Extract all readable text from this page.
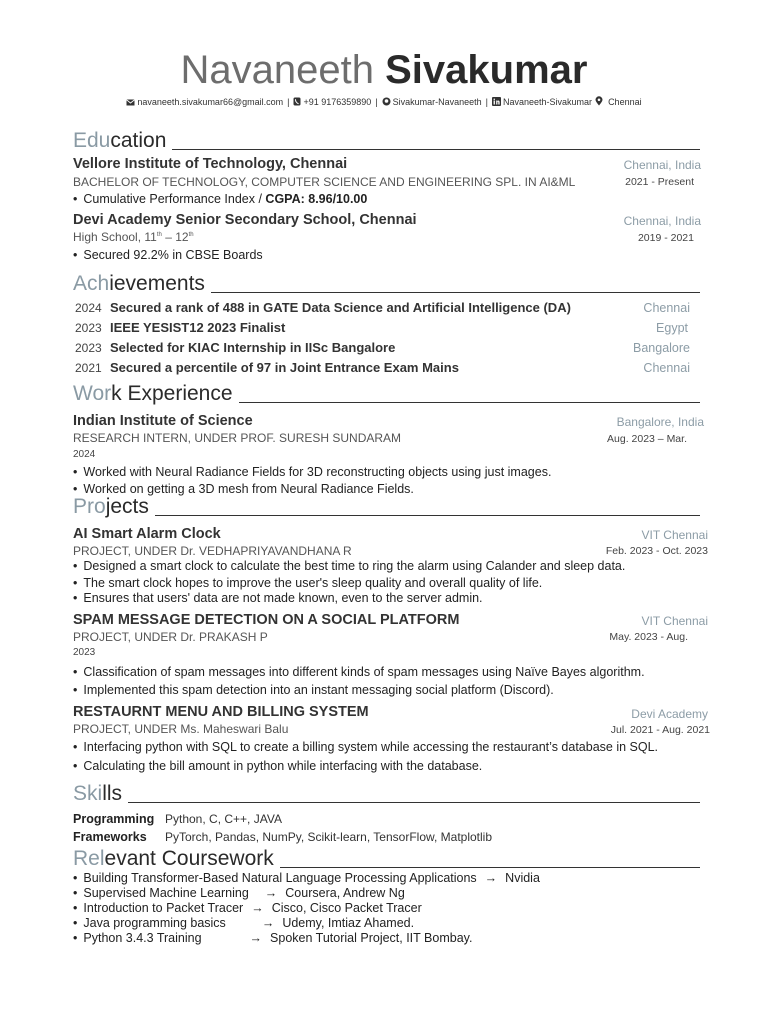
Navaneeth Sivakumar
navaneeth.sivakumar66@gmail.com | +91 9176359890 | Sivakumar-Navaneeth | Navaneeth-Sivakumar Chennai
Education
Vellore Institute of Technology, Chennai	Chennai, India
BACHELOR OF TECHNOLOGY, COMPUTER SCIENCE AND ENGINEERING SPL. IN AI&ML	2021 - Present
• Cumulative Performance Index / CGPA: 8.96/10.00
Devi Academy Senior Secondary School, Chennai	Chennai, India
High School, 11th – 12th	2019 - 2021
• Secured 92.2% in CBSE Boards
Achievements
2024 Secured a rank of 488 in GATE Data Science and Artificial Intelligence (DA)	Chennai
2023 IEEE YESIST12 2023 Finalist	Egypt
2023 Selected for KIAC Internship in IISc Bangalore	Bangalore
2021 Secured a percentile of 97 in Joint Entrance Exam Mains	Chennai
Work Experience
Indian Institute of Science	Bangalore, India
RESEARCH INTERN, UNDER PROF. SURESH SUNDARAM	Aug. 2023 – Mar.
2024
• Worked with Neural Radiance Fields for 3D reconstructing objects using just images.
• Worked on getting a 3D mesh from Neural Radiance Fields.
Projects
AI Smart Alarm Clock	VIT Chennai
PROJECT, UNDER Dr. VEDHAPRIYAVANDHANA R	Feb. 2023 - Oct. 2023
• Designed a smart clock to calculate the best time to ring the alarm using Calander and sleep data.
• The smart clock hopes to improve the user's sleep quality and overall quality of life.
• Ensures that users' data are not made known, even to the server admin.
SPAM MESSAGE DETECTION ON A SOCIAL PLATFORM	VIT Chennai
PROJECT, UNDER Dr. PRAKASH P	May. 2023 - Aug.
2023
• Classification of spam messages into different kinds of spam messages using Naïve Bayes algorithm.
• Implemented this spam detection into an instant messaging social platform (Discord).
RESTAURNT MENU AND BILLING SYSTEM	Devi Academy
PROJECT, UNDER Ms. Maheswari Balu	Jul. 2021 - Aug. 2021
• Interfacing python with SQL to create a billing system while accessing the restaurant’s database in SQL.
• Calculating the bill amount in python while interfacing with the database.
Skills
Programming Python, C, C++, JAVA
Frameworks PyTorch, Pandas, NumPy, Scikit-learn, TensorFlow, Matplotlib
Relevant Coursework
• Building Transformer-Based Natural Language Processing Applications → Nvidia
• Supervised Machine Learning → Coursera, Andrew Ng
• Introduction to Packet Tracer → Cisco, Cisco Packet Tracer
• Java programming basics	→ Udemy, Imtiaz Ahamed.
• Python 3.4.3 Training	→ Spoken Tutorial Project, IIT Bombay.
